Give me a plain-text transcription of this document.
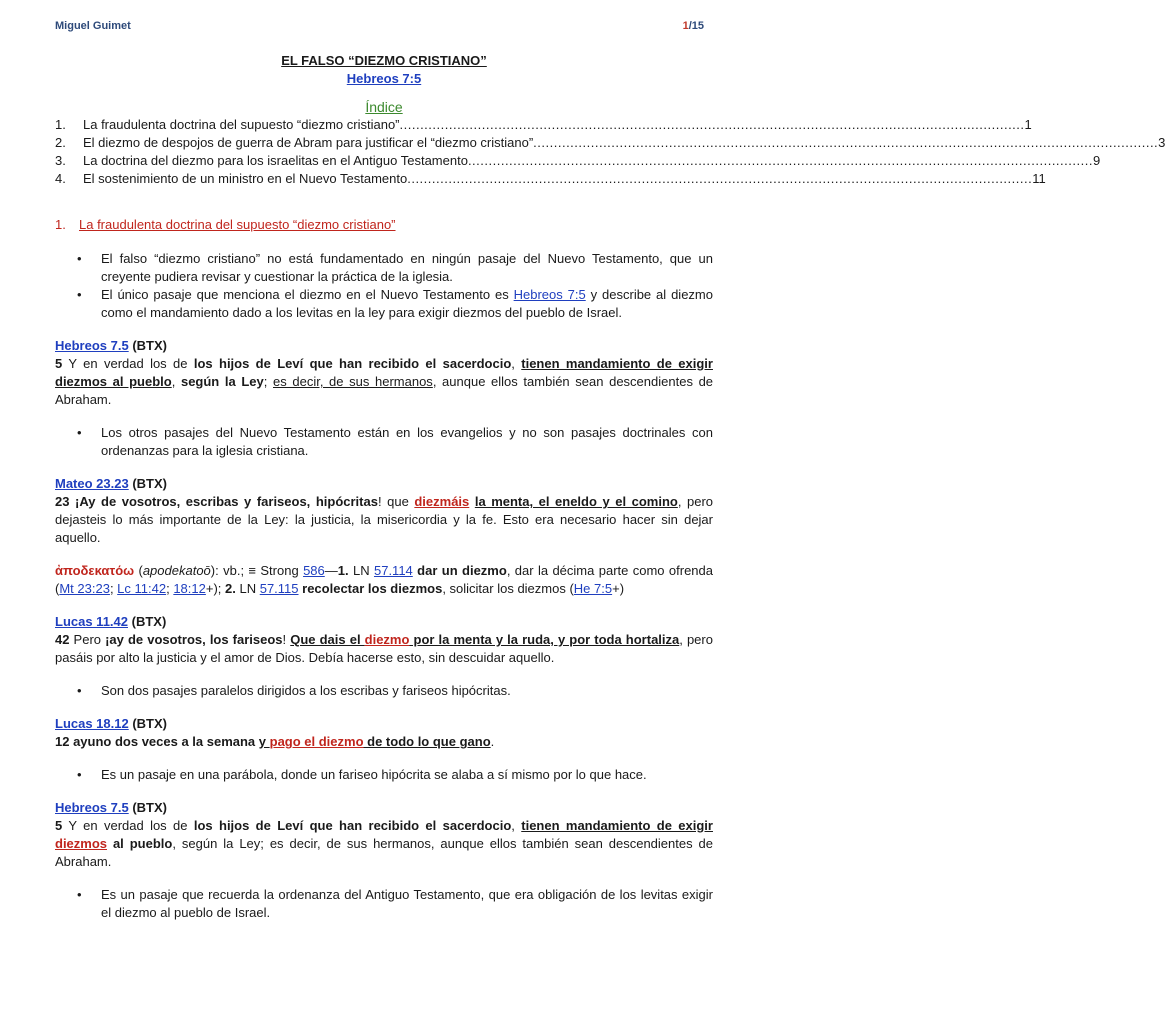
Miguel Guimet	1/15
EL FALSO “DIEZMO CRISTIANO”
Hebreos 7:5
Índice
1.	La fraudulenta doctrina del supuesto “diezmo cristiano” ........................................................................................................................................................ 1
2.	El diezmo de despojos de guerra de Abram para justificar el “diezmo cristiano” ........................................................................................................................................................ 3
3.	La doctrina del diezmo para los israelitas en el Antiguo Testamento ........................................................................................................................................................ 9
4.	El sostenimiento de un ministro en el Nuevo Testamento ........................................................................................................................................................ 11
1. La fraudulenta doctrina del supuesto “diezmo cristiano”
• El falso “diezmo cristiano” no está fundamentado en ningún pasaje del Nuevo Testamento, que un creyente pudiera revisar y cuestionar la práctica de la iglesia.
• El único pasaje que menciona el diezmo en el Nuevo Testamento es Hebreos 7:5 y describe al diezmo como el mandamiento dado a los levitas en la ley para exigir diezmos del pueblo de Israel.
Hebreos 7.5 (BTX)
5 Y en verdad los de los hijos de Leví que han recibido el sacerdocio, tienen mandamiento de exigir diezmos al pueblo, según la Ley; es decir, de sus hermanos, aunque ellos también sean descendientes de Abraham.
• Los otros pasajes del Nuevo Testamento están en los evangelios y no son pasajes doctrinales con ordenanzas para la iglesia cristiana.
Mateo 23.23 (BTX)
23 ¡Ay de vosotros, escribas y fariseos, hipócritas! que diezmáis la menta, el eneldo y el comino, pero dejasteis lo más importante de la Ley: la justicia, la misericordia y la fe. Esto era necesario hacer sin dejar aquello.
ἀποδεκατόω (apodekatoō): vb.; ≡ Strong 586—1. LN 57.114 dar un diezmo, dar la décima parte como ofrenda (Mt 23:23; Lc 11:42; 18:12+); 2. LN 57.115 recolectar los diezmos, solicitar los diezmos (He 7:5+)
Lucas 11.42 (BTX)
42 Pero ¡ay de vosotros, los fariseos! Que dais el diezmo por la menta y la ruda, y por toda hortaliza, pero pasáis por alto la justicia y el amor de Dios. Debía hacerse esto, sin descuidar aquello.
• Son dos pasajes paralelos dirigidos a los escribas y fariseos hipócritas.
Lucas 18.12 (BTX)
12 ayuno dos veces a la semana y pago el diezmo de todo lo que gano.
• Es un pasaje en una parábola, donde un fariseo hipócrita se alaba a sí mismo por lo que hace.
Hebreos 7.5 (BTX)
5 Y en verdad los de los hijos de Leví que han recibido el sacerdocio, tienen mandamiento de exigir diezmos al pueblo, según la Ley; es decir, de sus hermanos, aunque ellos también sean descendientes de Abraham.
• Es un pasaje que recuerda la ordenanza del Antiguo Testamento, que era obligación de los levitas exigir el diezmo al pueblo de Israel.
